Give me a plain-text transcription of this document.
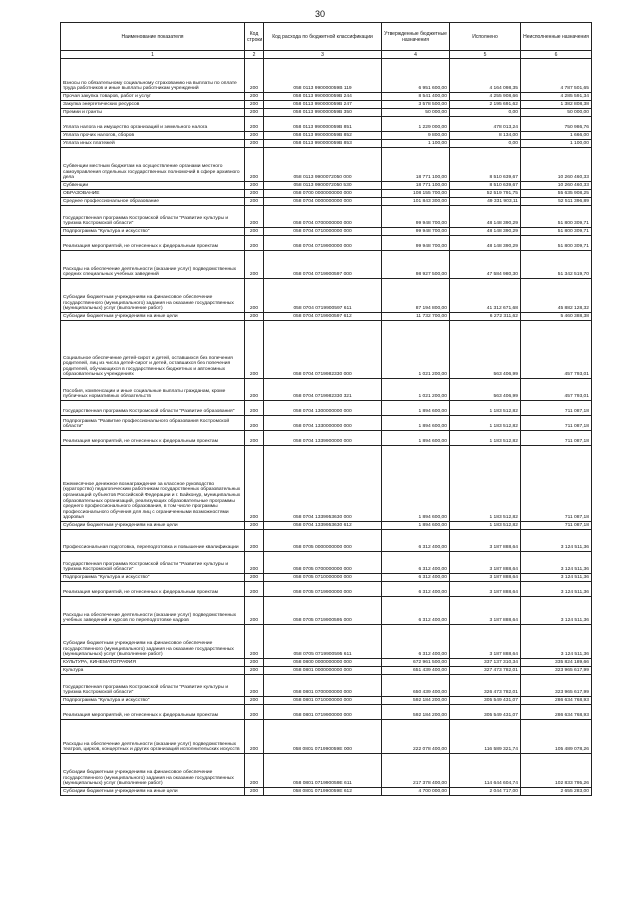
30
Наименование показателя	Код строки	Код расхода по бюджетной классификации	Утвержденные бюджетные назначения	Исполнено	Неисполненные назначения
1	2	3	4	5	6
Взносы по обязательному социальному страхованию на выплаты по оплате труда работников и иные выплаты работникам учреждений	200	058 0113 990000059B 119	6 951 600,00	4 164 098,35	4 787 501,65
Прочая закупка товаров, работ и услуг	200	058 0113 990000059B 244	8 541 400,00	4 255 908,66	4 285 591,34
Закупка энергетических ресурсов	200	058 0113 990000059B 247	3 578 500,00	2 195 691,62	1 382 808,38
Премии и гранты	200	058 0113 990000059B 350	50 000,00	0,00	50 000,00
Уплата налога на имущество организаций и земельного налога	200	058 0113 990000059B 851	1 229 000,00	478 013,24	750 986,76
Уплата прочих налогов, сборов	200	058 0113 990000059B 852	9 800,00	8 134,00	1 666,00
Уплата иных платежей	200	058 0113 990000059B 853	1 100,00	0,00	1 100,00
Субвенции местным бюджетам на осуществление органами местного самоуправления отдельных государственных полномочий в сфере архивного дела	200	058 0113 9900072050 000	18 771 100,00	8 510 639,67	10 260 460,33
Субвенции	200	058 0113 9900072050 530	18 771 100,00	8 510 639,67	10 260 460,33
ОБРАЗОВАНИЕ	200	058 0700 0000000000 000	108 155 700,00	52 519 791,75	55 635 908,25
Среднее профессиональное образование	200	058 0704 0000000000 000	101 843 300,00	49 331 903,11	52 511 396,89
Государственная программа Костромской области "Развитие культуры и туризма Костромской области"	200	058 0704 0700000000 000	99 948 700,00	48 148 390,29	51 800 309,71
Подпрограмма "Культура и искусство"	200	058 0704 0710000000 000	99 948 700,00	48 148 390,29	51 800 309,71
Реализация мероприятий, не отнесенных к федеральным проектам	200	058 0704 0719900000 000	99 948 700,00	48 148 390,29	51 800 309,71
Расходы на обеспечение деятельности (оказание услуг) подведомственных средних специальных учебных заведений	200	058 0704 0719900597 000	98 927 500,00	47 584 980,30	51 342 519,70
Субсидии бюджетным учреждениям на финансовое обеспечение государственного (муниципального) задания на оказание государственных (муниципальных) услуг (выполнение работ)	200	058 0704 0719900597 611	87 194 800,00	41 312 671,68	45 882 128,32
Субсидии бюджетным учреждениям на иные цели	200	058 0704 0719900597 612	11 732 700,00	6 272 311,62	5 460 388,38
Социальное обеспечение детей-сирот и детей, оставшихся без попечения родителей, лиц из числа детей-сирот и детей, оставшихся без попечения родителей, обучающихся в государственных бюджетных и автономных образовательных учреждениях	200	058 0704 0719982330 000	1 021 200,00	563 406,99	457 793,01
Пособия, компенсации и иные социальные выплаты гражданам, кроме публичных нормативных обязательств	200	058 0704 0719982330 321	1 021 200,00	563 406,99	457 793,01
Государственная программа Костромской области "Развитие образования"	200	058 0704 1300000000 000	1 894 600,00	1 183 512,82	711 087,18
Подпрограмма "Развитие профессионального образования Костромской области"	200	058 0704 1330000000 000	1 894 600,00	1 183 512,82	711 087,18
Реализация мероприятий, не отнесенных к федеральным проектам	200	058 0704 1339900000 000	1 894 600,00	1 183 512,82	711 087,18
Ежемесячное денежное вознаграждение за классное руководство (кураторство) педагогическим работникам государственных образовательных организаций субъектов Российской Федерации и г. Байконур, муниципальных образовательных организаций, реализующих образовательные программы среднего профессионального образования, в том числе программы профессионального обучения для лиц с ограниченными возможностями здоровья	200	058 0704 1339953630 000	1 894 600,00	1 183 512,82	711 087,18
Субсидии бюджетным учреждениям на иные цели	200	058 0704 1339953630 612	1 894 600,00	1 183 512,82	711 087,18
Профессиональная подготовка, переподготовка и повышение квалификации	200	058 0705 0000000000 000	6 312 400,00	3 187 888,64	3 124 511,36
Государственная программа Костромской области "Развитие культуры и туризма Костромской области"	200	058 0705 0700000000 000	6 312 400,00	3 187 888,64	3 124 511,36
Подпрограмма "Культура и искусство"	200	058 0705 0710000000 000	6 312 400,00	3 187 888,64	3 124 511,36
Реализация мероприятий, не отнесенных к федеральным проектам	200	058 0705 0719900000 000	6 312 400,00	3 187 888,64	3 124 511,36
Расходы на обеспечение деятельности (оказание услуг) подведомственных учебных заведений и курсов по переподготовке кадров	200	058 0705 0719900595 000	6 312 400,00	3 187 888,64	3 124 511,36
Субсидии бюджетным учреждениям на финансовое обеспечение государственного (муниципального) задания на оказание государственных (муниципальных) услуг (выполнение работ)	200	058 0705 0719900595 611	6 312 400,00	3 187 888,64	3 124 511,36
КУЛЬТУРА, КИНЕМАТОГРАФИЯ	200	058 0800 0000000000 000	672 961 500,00	337 137 310,34	335 824 189,66
Культура	200	058 0801 0000000000 000	651 439 400,00	327 473 782,01	323 965 617,99
Государственная программа Костромской области "Развитие культуры и туризма Костромской области"	200	058 0801 0700000000 000	650 439 400,00	326 473 782,01	323 965 617,99
Подпрограмма "Культура и искусство"	200	058 0801 0710000000 000	592 184 200,00	305 549 431,07	286 634 768,93
Реализация мероприятий, не отнесенных к федеральным проектам	200	058 0801 0719900000 000	592 184 200,00	305 549 431,07	286 634 768,93
Расходы на обеспечение деятельности (оказание услуг) подведомственных театров, цирков, концертных и других организаций исполнительских искусств	200	058 0801 071990059E 000	222 078 400,00	116 589 321,74	105 489 078,26
Субсидии бюджетным учреждениям на финансовое обеспечение государственного (муниципального) задания на оказание государственных (муниципальных) услуг (выполнение работ)	200	058 0801 071990059E 611	217 378 400,00	114 644 604,74	102 833 795,26
Субсидии бюджетным учреждениям на иные цели	200	058 0801 071990059E 612	4 700 000,00	2 044 717,00	2 655 283,00
